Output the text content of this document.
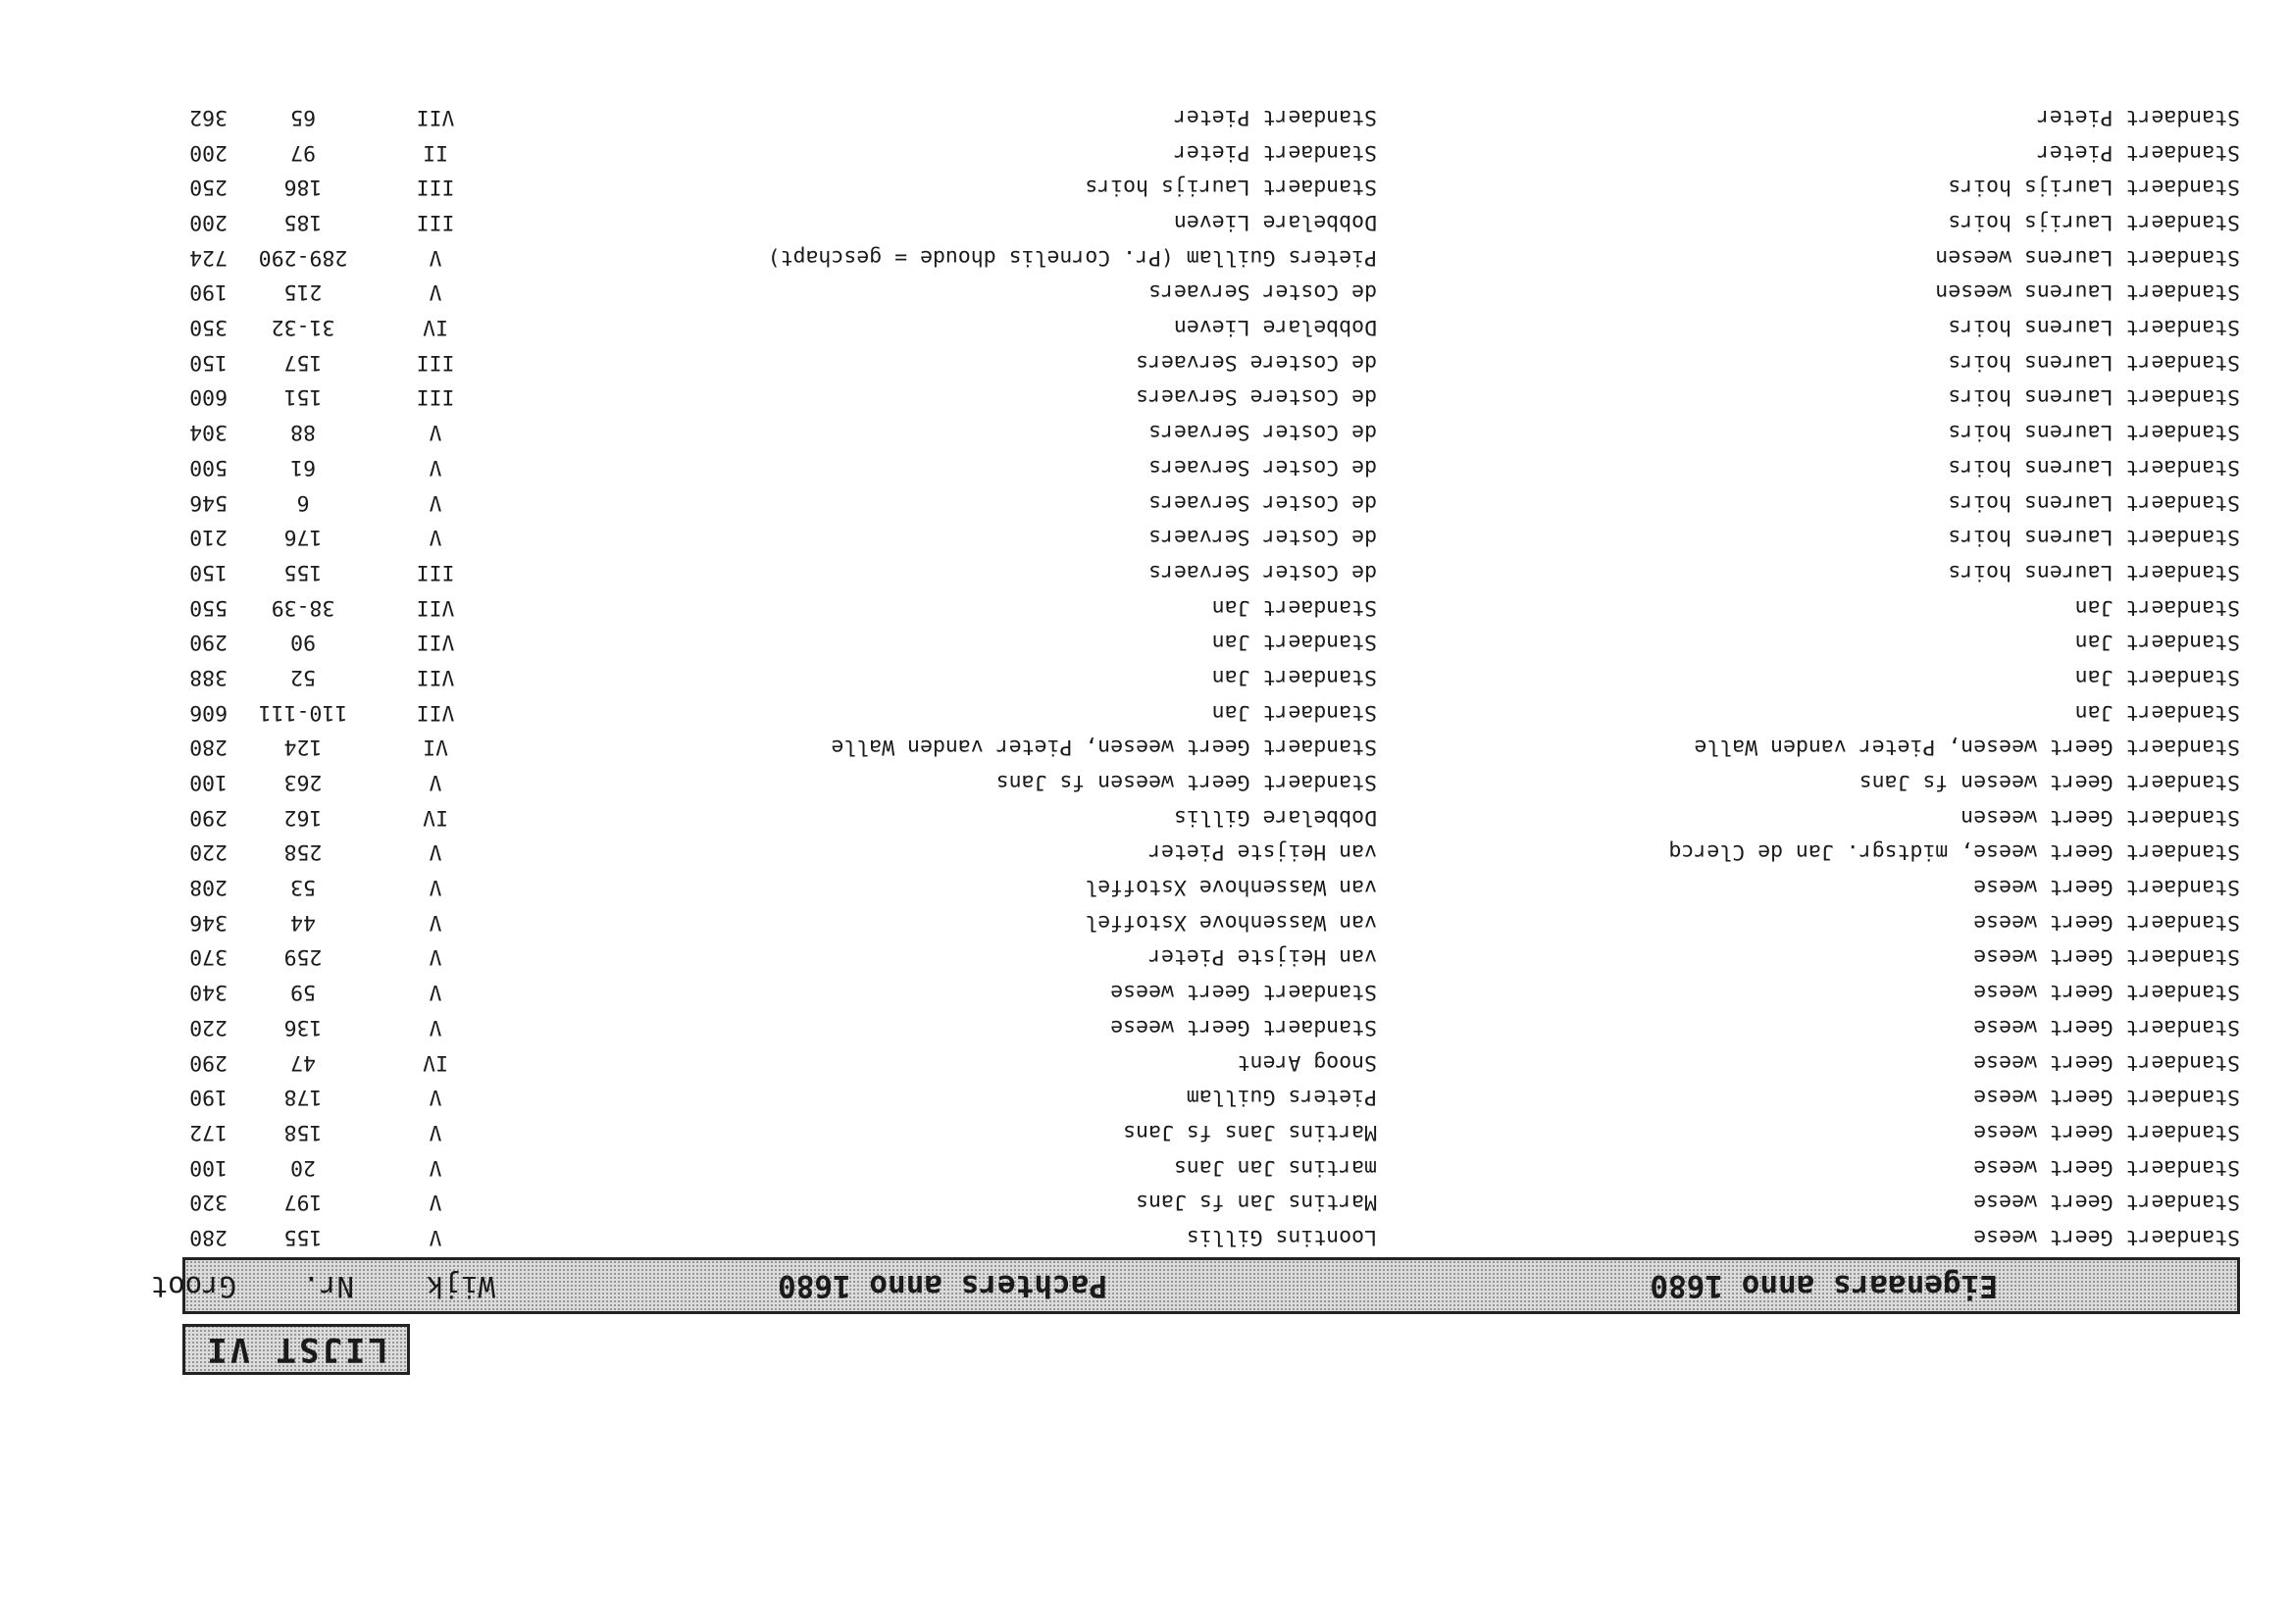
LIJST VI
Eigenaars anno 1680
Pachters anno 1680
Wijk
Nr.
Groot
Standaert Geert weese
Loontins Gillis
V
155
280
Standaert Geert weese
Martins Jan fs Jans
V
197
320
Standaert Geert weese
martins Jan Jans
V
20
100
Standaert Geert weese
Martins Jans fs Jans
V
158
172
Standaert Geert weese
Pieters Guillam
V
178
190
Standaert Geert weese
Snoog Arent
IV
47
290
Standaert Geert weese
Standaert Geert weese
V
136
220
Standaert Geert weese
Standaert Geert weese
V
59
340
Standaert Geert weese
van Heijste Pieter
V
259
370
Standaert Geert weese
van Wassenhove Xstoffel
V
44
346
Standaert Geert weese
van Wassenhove Xstoffel
V
53
208
Standaert Geert weese, midtsgr. Jan de Clercq
van Heijste Pieter
V
258
220
Standaert Geert weesen
Dobbelare Gillis
IV
162
290
Standaert Geert weesen fs Jans
Standaert Geert weesen fs Jans
V
263
100
Standaert Geert weesen, Pieter vanden Walle
Standaert Geert weesen, Pieter vanden Walle
VI
124
280
Standaert Jan
Standaert Jan
VII
110-111
606
Standaert Jan
Standaert Jan
VII
52
388
Standaert Jan
Standaert Jan
VII
90
290
Standaert Jan
Standaert Jan
VII
38-39
550
Standaert Laurens hoirs
de Coster Servaers
III
155
150
Standaert Laurens hoirs
de Coster Servaers
V
176
210
Standaert Laurens hoirs
de Coster Servaers
V
6
546
Standaert Laurens hoirs
de Coster Servaers
V
61
500
Standaert Laurens hoirs
de Coster Servaers
V
88
304
Standaert Laurens hoirs
de Costere Servaers
III
151
600
Standaert Laurens hoirs
de Costere Servaers
III
157
150
Standaert Laurens hoirs
Dobbelare Lieven
IV
31-32
350
Standaert Laurens weesen
de Coster Servaers
V
215
190
Standaert Laurens weesen
Pieters Guillam (Pr. Cornelis dhoude = geschapt)
V
289-290
724
Standaert Laurijs hoirs
Dobbelare Lieven
III
185
200
Standaert Laurijs hoirs
Standaert Laurijs hoirs
III
186
250
Standaert Pieter
Standaert Pieter
II
97
200
Standaert Pieter
Standaert Pieter
VII
65
362
